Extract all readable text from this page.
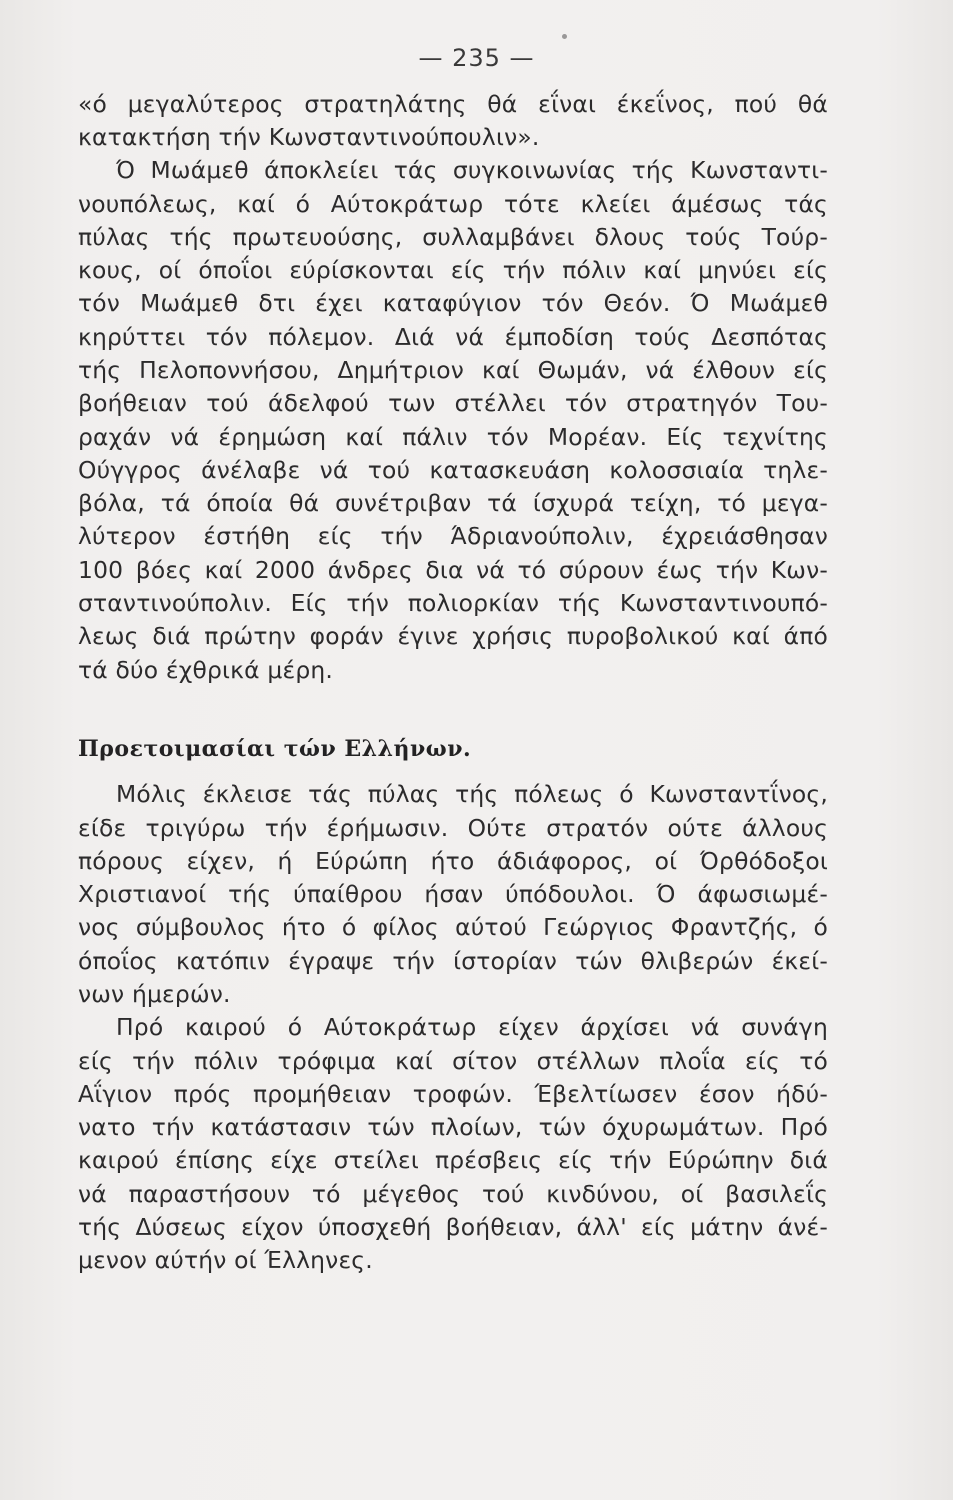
— 235 —
«ό μεγαλύτερος στρατηλάτης θά εΐναι έκεΐνος, πού θά
κατακτήση τήν Κωνσταντινούπουλιν».
Ό Μωάμεθ άποκλείει τάς συγκοινωνίας τής Κωνσταντι-
νουπόλεως, καί ό Αύτοκράτωρ τότε κλείει άμέσως τάς
πύλας τής πρωτευούσης, συλλαμβάνει δλους τούς Τούρ-
κους, οί όποΐοι εύρίσκονται είς τήν πόλιν καί μηνύει είς
τόν Μωάμεθ δτι έχει καταφύγιον τόν Θεόν. Ό Μωάμεθ
κηρύττει τόν πόλεμον. Διά νά έμποδίση τούς Δεσπότας
τής Πελοποννήσου, Δημήτριον καί Θωμάν, νά έλθουν είς
βοήθειαν τού άδελφού των στέλλει τόν στρατηγόν Του-
ραχάν νά έρημώση καί πάλιν τόν Μορέαν. Είς τεχνίτης
Ούγγρος άνέλαβε νά τού κατασκευάση κολοσσιαία τηλε-
βόλα, τά όποία θά συνέτριβαν τά ίσχυρά τείχη, τό μεγα-
λύτερον έστήθη είς τήν Άδριανούπολιν, έχρειάσθησαν
100 βόες καί 2000 άνδρες δια νά τό σύρουν έως τήν Κων-
σταντινούπολιν. Είς τήν πολιορκίαν τής Κωνσταντινουπό-
λεως διά πρώτην φοράν έγινε χρήσις πυροβολικού καί άπό
τά δύο έχθρικά μέρη.
Προετοιμασίαι τών Ελλήνων.
Μόλις έκλεισε τάς πύλας τής πόλεως ό Κωνσταντΐνος,
είδε τριγύρω τήν έρήμωσιν. Ούτε στρατόν ούτε άλλους
πόρους είχεν, ή Εύρώπη ήτο άδιάφορος, οί Όρθόδοξοι
Χριστιανοί τής ύπαίθρου ήσαν ύπόδουλοι. Ό άφωσιωμέ-
νος σύμβουλος ήτο ό φίλος αύτού Γεώργιος Φραντζής, ό
όποΐος κατόπιν έγραψε τήν ίστορίαν τών θλιβερών έκεί-
νων ήμερών.
Πρό καιρού ό Αύτοκράτωρ είχεν άρχίσει νά συνάγη
είς τήν πόλιν τρόφιμα καί σίτον στέλλων πλοΐα είς τό
Αΐγιον πρός προμήθειαν τροφών. Έβελτίωσεν έσον ήδύ-
νατο τήν κατάστασιν τών πλοίων, τών όχυρωμάτων. Πρό
καιρού έπίσης είχε στείλει πρέσβεις είς τήν Εύρώπην διά
νά παραστήσουν τό μέγεθος τού κινδύνου, οί βασιλεΐς
τής Δύσεως είχον ύποσχεθή βοήθειαν, άλλ' είς μάτην άνέ-
μενον αύτήν οί Έλληνες.
